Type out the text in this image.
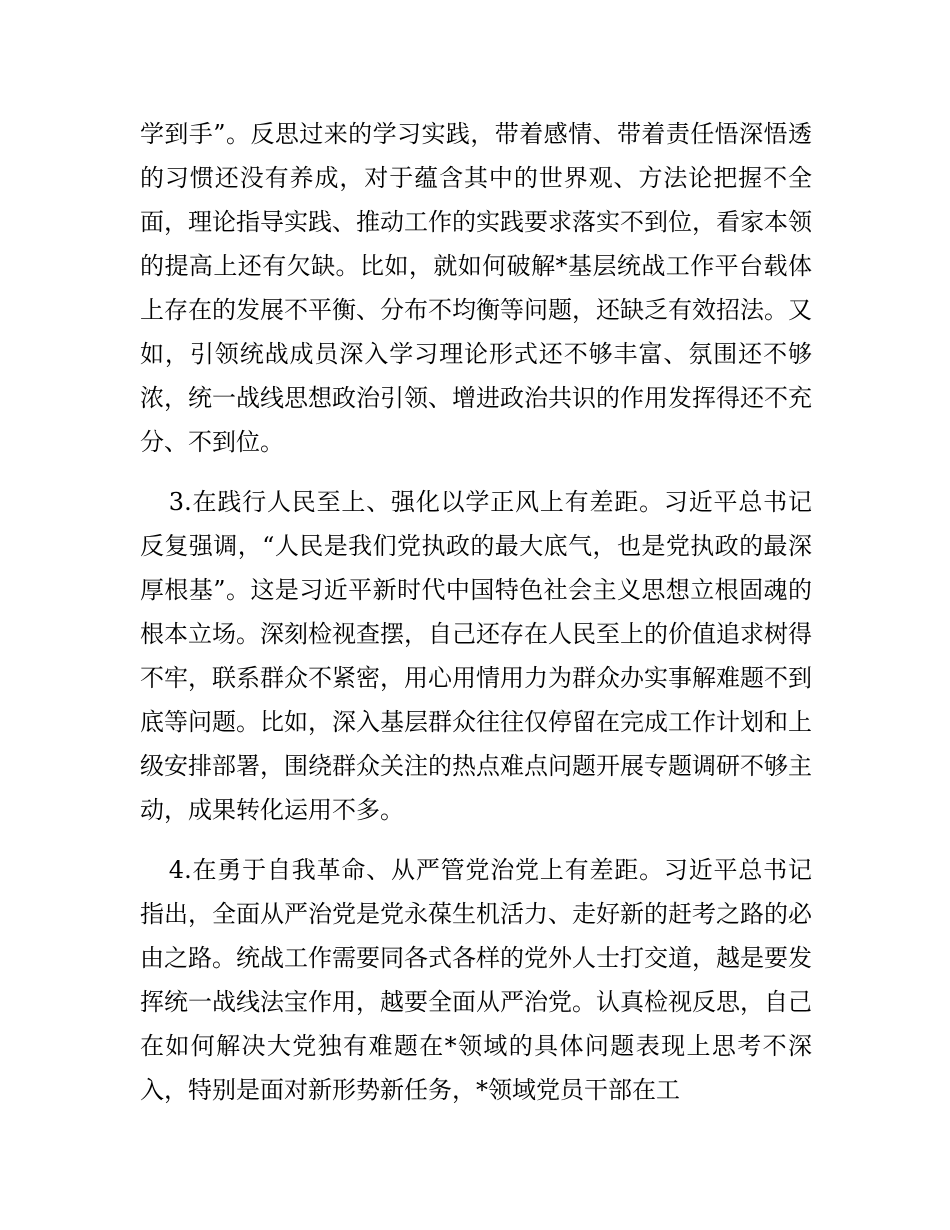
学到手”。反思过来的学习实践，带着感情、带着责任悟深悟透的习惯还没有养成，对于蕴含其中的世界观、方法论把握不全面，理论指导实践、推动工作的实践要求落实不到位，看家本领的提高上还有欠缺。比如，就如何破解*基层统战工作平台载体上存在的发展不平衡、分布不均衡等问题，还缺乏有效招法。又如，引领统战成员深入学习理论形式还不够丰富、氛围还不够浓，统一战线思想政治引领、增进政治共识的作用发挥得还不充分、不到位。

3.在践行人民至上、强化以学正风上有差距。习近平总书记反复强调，“人民是我们党执政的最大底气，也是党执政的最深厚根基”。这是习近平新时代中国特色社会主义思想立根固魂的根本立场。深刻检视查摆，自己还存在人民至上的价值追求树得不牢，联系群众不紧密，用心用情用力为群众办实事解难题不到底等问题。比如，深入基层群众往往仅停留在完成工作计划和上级安排部署，围绕群众关注的热点难点问题开展专题调研不够主动，成果转化运用不多。

4.在勇于自我革命、从严管党治党上有差距。习近平总书记指出，全面从严治党是党永葆生机活力、走好新的赶考之路的必由之路。统战工作需要同各式各样的党外人士打交道，越是要发挥统一战线法宝作用，越要全面从严治党。认真检视反思，自己在如何解决大党独有难题在*领域的具体问题表现上思考不深入，特别是面对新形势新任务，*领域党员干部在工
